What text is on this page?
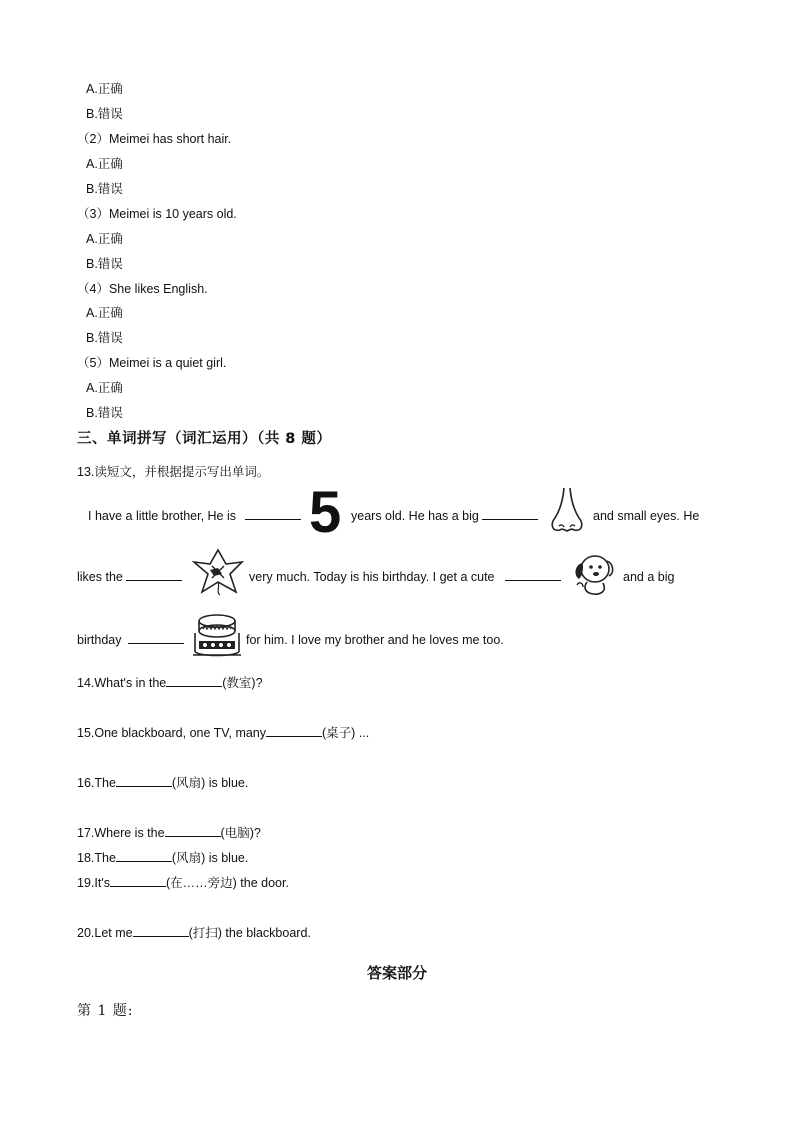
A.正确
B.错误
（2）Meimei has short hair.
A.正确
B.错误
（3）Meimei is 10 years old.
A.正确
B.错误
（4）She likes English.
A.正确
B.错误
（5）Meimei is a quiet girl.
A.正确
B.错误
三、单词拼写（词汇运用）（共 8 题）
13.读短文，并根据提示写出单词。
I have a little brother, He is 5 years old. He has a big	and small eyes. He
likes the	very much. Today is his birthday. I get a cute	and a big
birthday	for him. I love my brother and he loves me too.
14.What's in the	(教室)?
15.One blackboard, one TV, many	(桌子) ...
16.The	(风扇) is blue.
17.Where is the	(电脑)?
18.The	(风扇) is blue.
19.It's	(在……旁边) the door.
20.Let me	(打扫) the blackboard.
答案部分
第 1 题:
